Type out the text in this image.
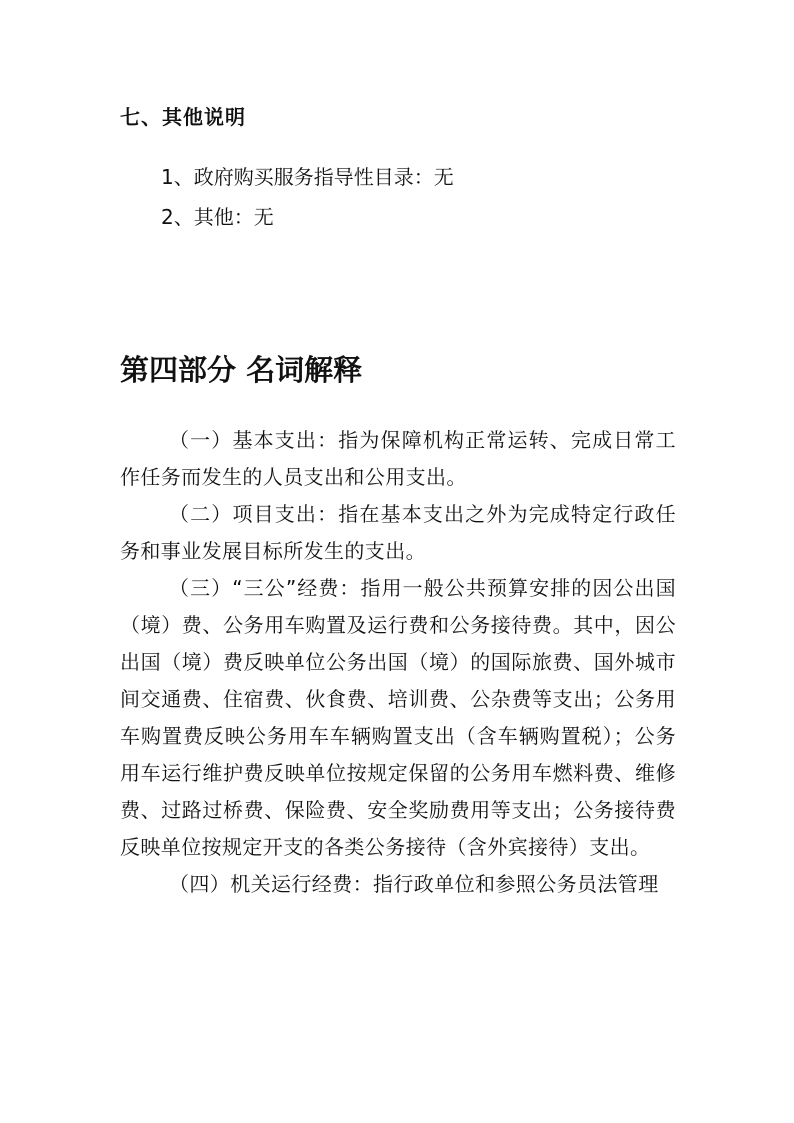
七、其他说明
1、政府购买服务指导性目录：无
2、其他：无
第四部分 名词解释

（一）基本支出：指为保障机构正常运转、完成日常工作任务而发生的人员支出和公用支出。

（二）项目支出：指在基本支出之外为完成特定行政任务和事业发展目标所发生的支出。

（三）“三公”经费：指用一般公共预算安排的因公出国（境）费、公务用车购置及运行费和公务接待费。其中，因公出国（境）费反映单位公务出国（境）的国际旅费、国外城市间交通费、住宿费、伙食费、培训费、公杂费等支出；公务用车购置费反映公务用车车辆购置支出（含车辆购置税）；公务用车运行维护费反映单位按规定保留的公务用车燃料费、维修费、过路过桥费、保险费、安全奖励费用等支出；公务接待费反映单位按规定开支的各类公务接待（含外宾接待）支出。

（四）机关运行经费：指行政单位和参照公务员法管理
